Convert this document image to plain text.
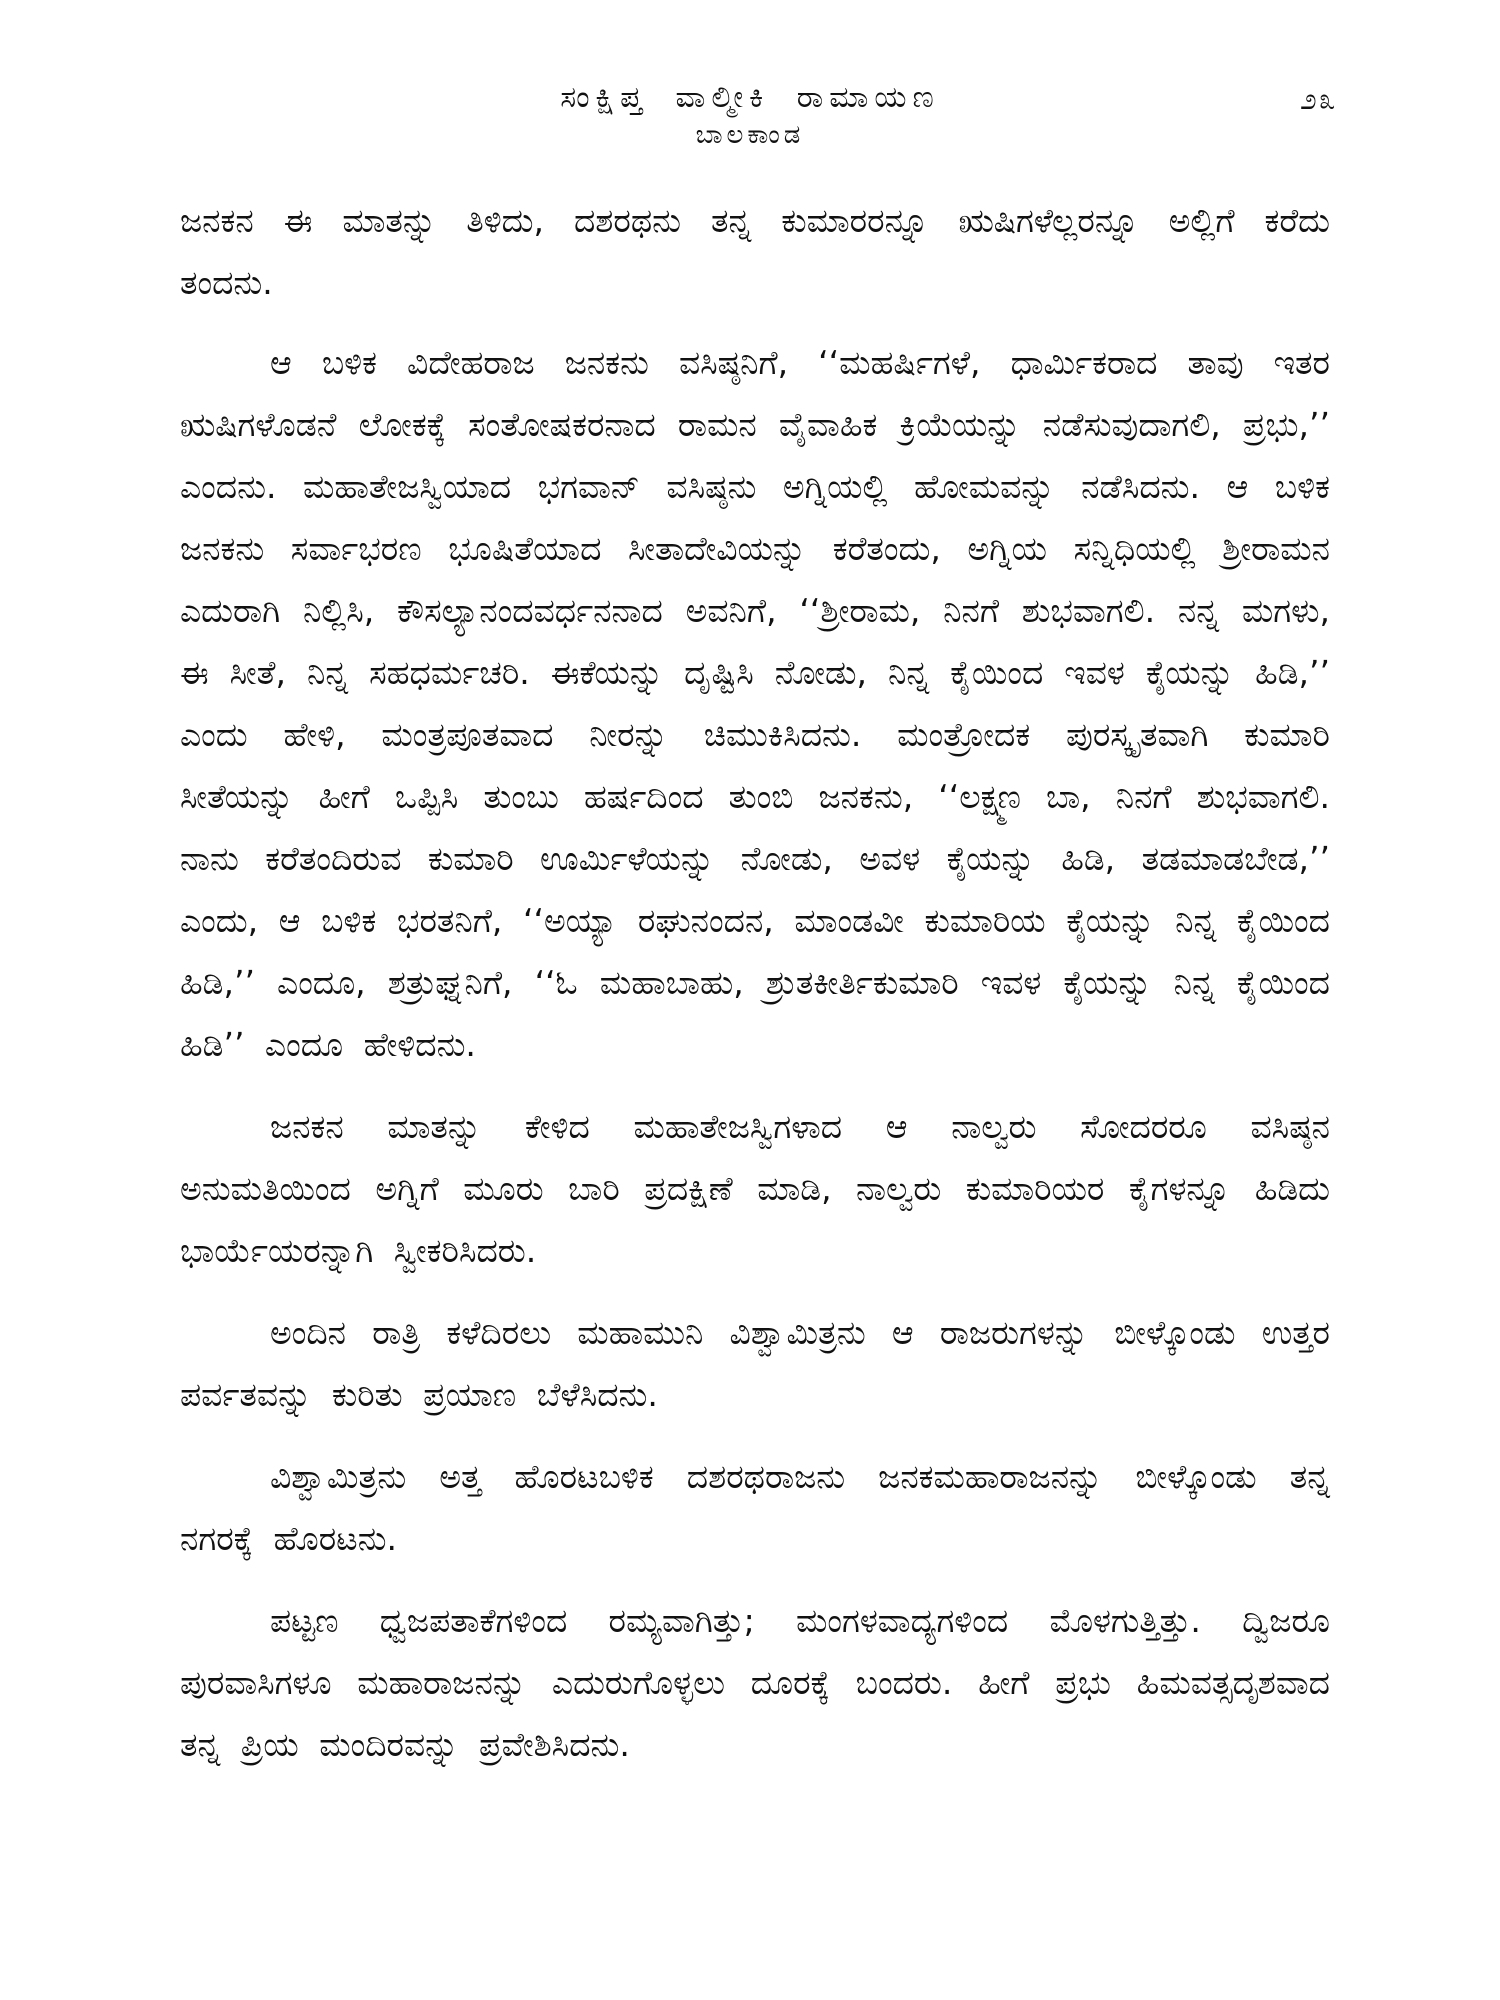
ಸಂಕ್ಷಿಪ್ತ ವಾಲ್ಮೀಕಿ ರಾಮಾಯಣ
ಬಾಲಕಾಂಡ
೨೩

ಜನಕನ ಈ ಮಾತನ್ನು ತಿಳಿದು, ದಶರಥನು ತನ್ನ ಕುಮಾರರನ್ನೂ ಋಷಿಗಳೆಲ್ಲರನ್ನೂ ಅಲ್ಲಿಗೆ ಕರೆದು ತಂದನು.

ಆ ಬಳಿಕ ವಿದೇಹರಾಜ ಜನಕನು ವಸಿಷ್ಠನಿಗೆ, ‘‘ಮಹರ್ಷಿಗಳೆ, ಧಾರ್ಮಿಕರಾದ ತಾವು ಇತರ ಋಷಿಗಳೊಡನೆ ಲೋಕಕ್ಕೆ ಸಂತೋಷಕರನಾದ ರಾಮನ ವೈವಾಹಿಕ ಕ್ರಿಯೆಯನ್ನು ನಡೆಸುವುದಾಗಲಿ, ಪ್ರಭು,’’ ಎಂದನು. ಮಹಾತೇಜಸ್ವಿಯಾದ ಭಗವಾನ್ ವಸಿಷ್ಠನು ಅಗ್ನಿಯಲ್ಲಿ ಹೋಮವನ್ನು ನಡೆಸಿದನು. ಆ ಬಳಿಕ ಜನಕನು ಸರ್ವಾಭರಣ ಭೂಷಿತೆಯಾದ ಸೀತಾದೇವಿಯನ್ನು ಕರೆತಂದು, ಅಗ್ನಿಯ ಸನ್ನಿಧಿಯಲ್ಲಿ ಶ್ರೀರಾಮನ ಎದುರಾಗಿ ನಿಲ್ಲಿಸಿ, ಕೌಸಲ್ಯಾನಂದವರ್ಧನನಾದ ಅವನಿಗೆ, ‘‘ಶ್ರೀರಾಮ, ನಿನಗೆ ಶುಭವಾಗಲಿ. ನನ್ನ ಮಗಳು, ಈ ಸೀತೆ, ನಿನ್ನ ಸಹಧರ್ಮಚರಿ. ಈಕೆಯನ್ನು ದೃಷ್ಟಿಸಿ ನೋಡು, ನಿನ್ನ ಕೈಯಿಂದ ಇವಳ ಕೈಯನ್ನು ಹಿಡಿ,’’ ಎಂದು ಹೇಳಿ, ಮಂತ್ರಪೂತವಾದ ನೀರನ್ನು ಚಿಮುಕಿಸಿದನು. ಮಂತ್ರೋದಕ ಪುರಸ್ಕೃತವಾಗಿ ಕುಮಾರಿ ಸೀತೆಯನ್ನು ಹೀಗೆ ಒಪ್ಪಿಸಿ ತುಂಬು ಹರ್ಷದಿಂದ ತುಂಬಿ ಜನಕನು, ‘‘ಲಕ್ಷ್ಮಣ ಬಾ, ನಿನಗೆ ಶುಭವಾಗಲಿ. ನಾನು ಕರೆತಂದಿರುವ ಕುಮಾರಿ ಊರ್ಮಿಳೆಯನ್ನು ನೋಡು, ಅವಳ ಕೈಯನ್ನು ಹಿಡಿ, ತಡಮಾಡಬೇಡ,’’ ಎಂದು, ಆ ಬಳಿಕ ಭರತನಿಗೆ, ‘‘ಅಯ್ಯಾ ರಘುನಂದನ, ಮಾಂಡವೀ ಕುಮಾರಿಯ ಕೈಯನ್ನು ನಿನ್ನ ಕೈಯಿಂದ ಹಿಡಿ,’’ ಎಂದೂ, ಶತ್ರುಘ್ನನಿಗೆ, ‘‘ಓ ಮಹಾಬಾಹು, ಶ್ರುತಕೀರ್ತಿಕುಮಾರಿ ಇವಳ ಕೈಯನ್ನು ನಿನ್ನ ಕೈಯಿಂದ ಹಿಡಿ’’ ಎಂದೂ ಹೇಳಿದನು.

ಜನಕನ ಮಾತನ್ನು ಕೇಳಿದ ಮಹಾತೇಜಸ್ವಿಗಳಾದ ಆ ನಾಲ್ವರು ಸೋದರರೂ ವಸಿಷ್ಠನ ಅನುಮತಿಯಿಂದ ಅಗ್ನಿಗೆ ಮೂರು ಬಾರಿ ಪ್ರದಕ್ಷಿಣೆ ಮಾಡಿ, ನಾಲ್ವರು ಕುಮಾರಿಯರ ಕೈಗಳನ್ನೂ ಹಿಡಿದು ಭಾರ್ಯೆಯರನ್ನಾಗಿ ಸ್ವೀಕರಿಸಿದರು.

ಅಂದಿನ ರಾತ್ರಿ ಕಳೆದಿರಲು ಮಹಾಮುನಿ ವಿಶ್ವಾಮಿತ್ರನು ಆ ರಾಜರುಗಳನ್ನು ಬೀಳ್ಕೊಂಡು ಉತ್ತರ ಪರ್ವತವನ್ನು ಕುರಿತು ಪ್ರಯಾಣ ಬೆಳೆಸಿದನು.

ವಿಶ್ವಾಮಿತ್ರನು ಅತ್ತ ಹೊರಟಬಳಿಕ ದಶರಥರಾಜನು ಜನಕಮಹಾರಾಜನನ್ನು ಬೀಳ್ಕೊಂಡು ತನ್ನ ನಗರಕ್ಕೆ ಹೊರಟನು.

ಪಟ್ಟಣ ಧ್ವಜಪತಾಕೆಗಳಿಂದ ರಮ್ಯವಾಗಿತ್ತು; ಮಂಗಳವಾದ್ಯಗಳಿಂದ ಮೊಳಗುತ್ತಿತ್ತು. ದ್ವಿಜರೂ ಪುರವಾಸಿಗಳೂ ಮಹಾರಾಜನನ್ನು ಎದುರುಗೊಳ್ಳಲು ದೂರಕ್ಕೆ ಬಂದರು. ಹೀಗೆ ಪ್ರಭು ಹಿಮವತ್ಸದೃಶವಾದ ತನ್ನ ಪ್ರಿಯ ಮಂದಿರವನ್ನು ಪ್ರವೇಶಿಸಿದನು.
